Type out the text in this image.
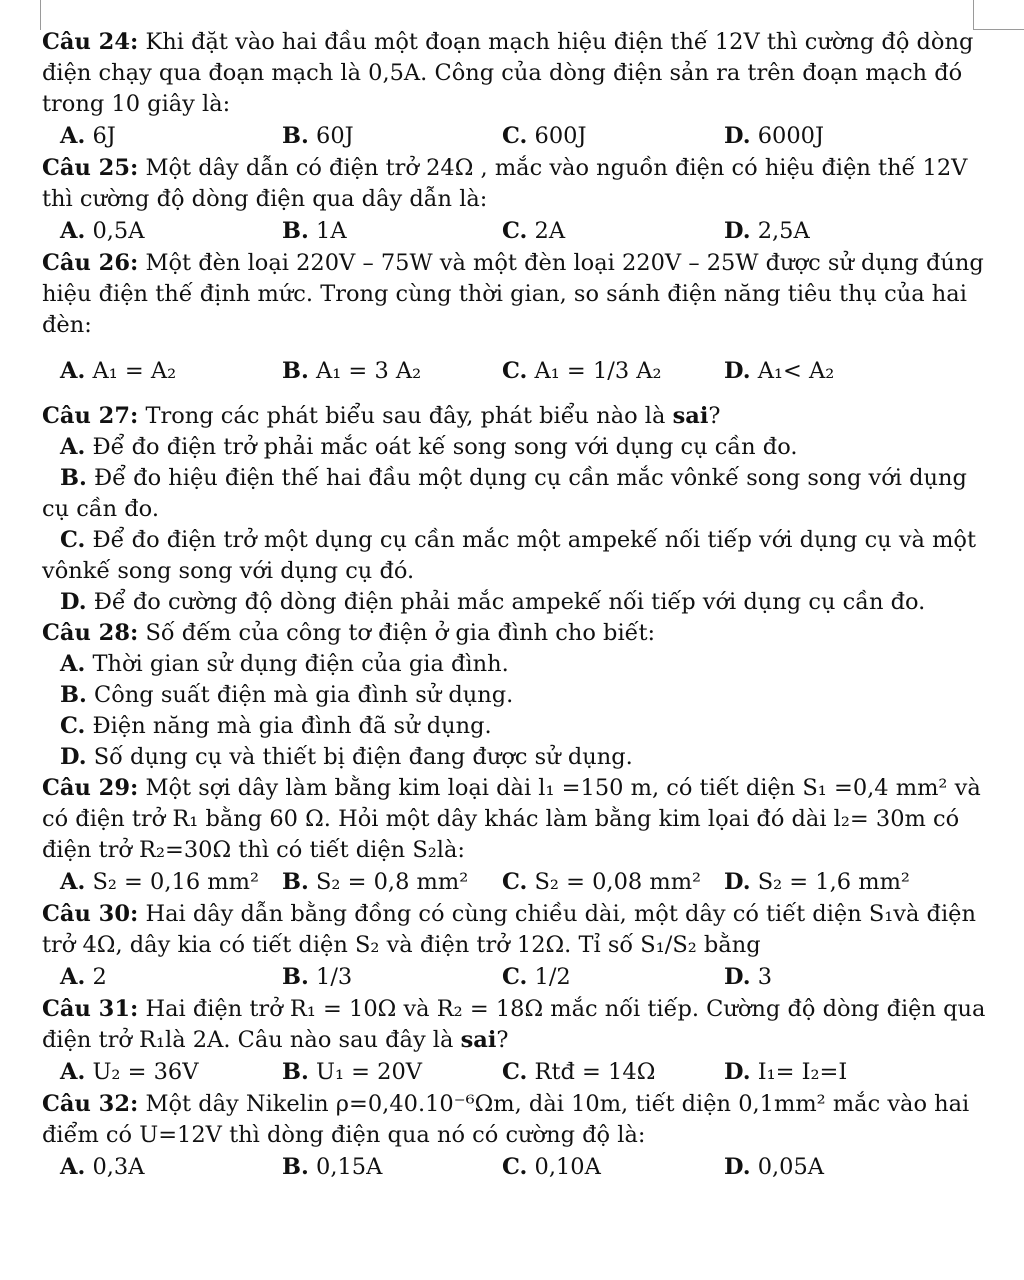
Câu 24: Khi đặt vào hai đầu một đoạn mạch hiệu điện thế 12V thì cường độ dòng
điện chạy qua đoạn mạch là 0,5A. Công của dòng điện sản ra trên đoạn mạch đó
trong 10 giây là:
A. 6J	B. 60J	C. 600J	D. 6000J
Câu 25: Một dây dẫn có điện trở 24Ω , mắc vào nguồn điện có hiệu điện thế 12V
thì cường độ dòng điện qua dây dẫn là:
A. 0,5A	B. 1A	C. 2A	D. 2,5A
Câu 26: Một đèn loại 220V – 75W và một đèn loại 220V – 25W được sử dụng đúng
hiệu điện thế định mức. Trong cùng thời gian, so sánh điện năng tiêu thụ của hai
đèn:
A. A₁ = A₂	B. A₁ = 3 A₂	C. A₁ = 1/3 A₂	D. A₁< A₂
Câu 27: Trong các phát biểu sau đây, phát biểu nào là sai?
A. Để đo điện trở phải mắc oát kế song song với dụng cụ cần đo.
B. Để đo hiệu điện thế hai đầu một dụng cụ cần mắc vônkế song song với dụng
cụ cần đo.
C. Để đo điện trở một dụng cụ cần mắc một ampekế nối tiếp với dụng cụ và một
vônkế song song với dụng cụ đó.
D. Để đo cường độ dòng điện phải mắc ampekế nối tiếp với dụng cụ cần đo.
Câu 28: Số đếm của công tơ điện ở gia đình cho biết:
A. Thời gian sử dụng điện của gia đình.
B. Công suất điện mà gia đình sử dụng.
C. Điện năng mà gia đình đã sử dụng.
D. Số dụng cụ và thiết bị điện đang được sử dụng.
Câu 29: Một sợi dây làm bằng kim loại dài l₁ =150 m, có tiết diện S₁ =0,4 mm² và
có điện trở R₁ bằng 60 Ω. Hỏi một dây khác làm bằng kim lọai đó dài l₂= 30m có
điện trở R₂=30Ω thì có tiết diện S₂là:
A. S₂ = 0,16 mm²	B. S₂ = 0,8 mm²	C. S₂ = 0,08 mm²	D. S₂ = 1,6 mm²
Câu 30: Hai dây dẫn bằng đồng có cùng chiều dài, một dây có tiết diện S₁và điện
trở 4Ω, dây kia có tiết diện S₂ và điện trở 12Ω. Tỉ số S₁/S₂ bằng
A. 2	B. 1/3	C. 1/2	D. 3
Câu 31: Hai điện trở R₁ = 10Ω và R₂ = 18Ω mắc nối tiếp. Cường độ dòng điện qua
điện trở R₁là 2A. Câu nào sau đây là sai?
A. U₂ = 36V	B. U₁ = 20V	C. Rtđ = 14Ω	D. I₁= I₂=I
Câu 32: Một dây Nikelin ρ=0,40.10⁻⁶Ωm, dài 10m, tiết diện 0,1mm² mắc vào hai
điểm có U=12V thì dòng điện qua nó có cường độ là:
A. 0,3A	B. 0,15A	C. 0,10A	D. 0,05A
